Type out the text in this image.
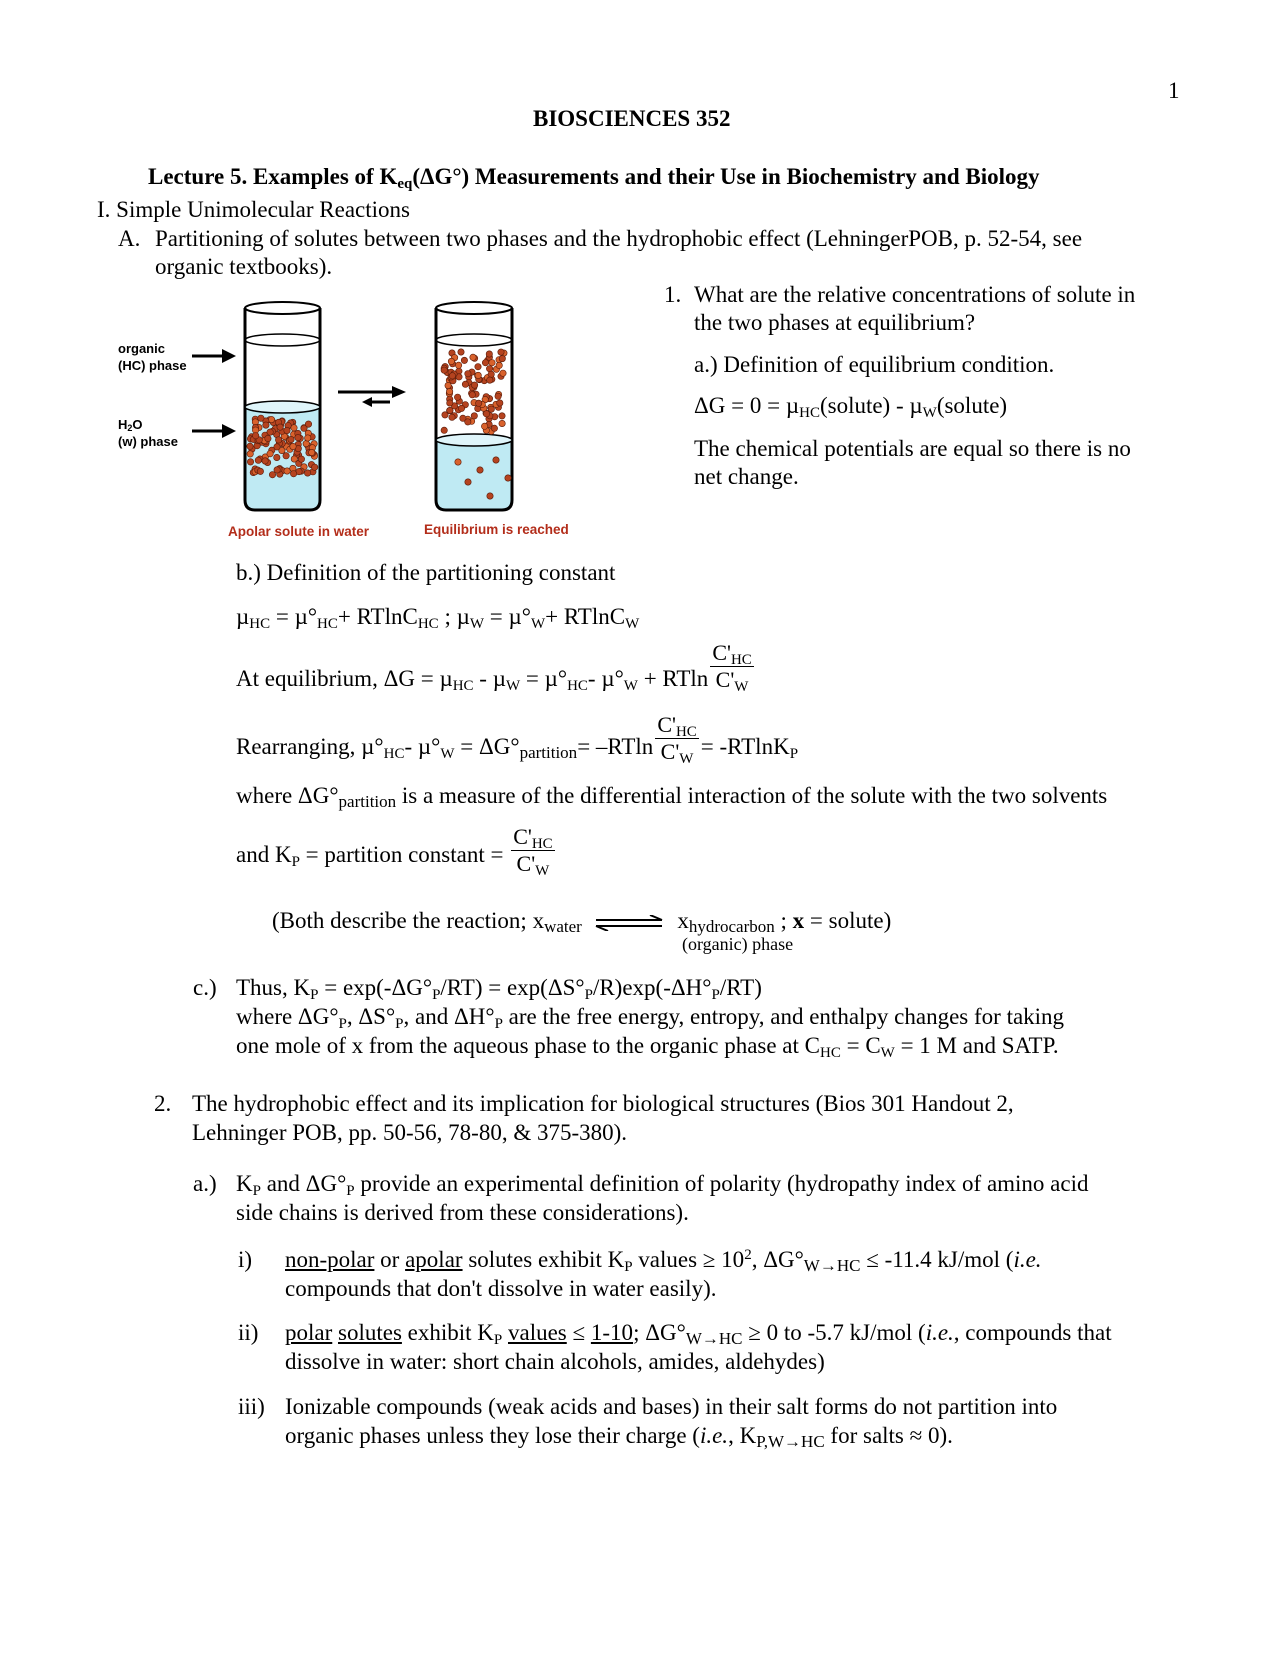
1
BIOSCIENCES 352
Lecture 5. Examples of $K_{eq}(\Delta G^\circ)$ Measurements and their Use in Biochemistry and Biology
I. Simple Unimolecular Reactions
A. Partitioning of solutes between two phases and the hydrophobic effect (LehningerPOB, p. 52-54, see
organic textbooks).
organic
(HC) phase
$H_2O$
(w) phase
Apolar solute in water	Equilibrium is reached
1. What are the relative concentrations of solute in
the two phases at equilibrium?
a.) Definition of equilibrium condition.
ΔG = 0 = µ$_{HC}$(solute) - µ$_W$(solute)
The chemical potentials are equal so there is no
net change.
b.) Definition of the partitioning constant
$\mu_{HC} = \mu^\circ_{HC}+ RTlnC_{HC}$ ; $\mu_W = \mu^\circ_W+ RTlnC_W$
At equilibrium, $\Delta G = \mu_{HC} - \mu_W = \mu^\circ_{HC}-$ $\mu^\circ_W + RTln \frac{C'_{HC}}{C'_W}$
Rearranging, $\mu^\circ_{HC}-$ $\mu^\circ_W = \Delta G^\circ_{partition}= -RTln \frac{C'_{HC}}{C'_W} = -RTlnK_P$
where $\Delta G^\circ_{partition}$ is a measure of the differential interaction of the solute with the two solvents
and $K_P$ = partition constant = $\frac{C'_{HC}}{C'_W}$
(Both describe the reaction; $x_{water}$	$x_{hydrocarbon}$ ; x = solute)
(organic) phase
c.) Thus, $K_P = \exp(-\Delta G^\circ_P/RT) = \exp(\Delta S^\circ_P/R)\exp(-\Delta H^\circ_P/RT)$
where $\Delta G^\circ_P$, $\Delta S^\circ_P$, and $\Delta H^\circ_P$ are the free energy, entropy, and enthalpy changes for taking
one mole of x from the aqueous phase to the organic phase at $C_{HC} = C_W = 1$ M and SATP.
2. The hydrophobic effect and its implication for biological structures (Bios 301 Handout 2,
Lehninger POB, pp. 50-56, 78-80, & 375-380).
a.) $K_P$ and $\Delta G^\circ_P$ provide an experimental definition of polarity (hydropathy index of amino acid
side chains is derived from these considerations).
i) non-polar or apolar solutes exhibit $K_P$ values ≥ $10^2$, $\Delta G^\circ_{W\to HC} \le -11.4$ kJ/mol (i.e.
compounds that don't dissolve in water easily).
ii) polar solutes exhibit $K_P$ values ≤ 1-10; $\Delta G^\circ_{W\to HC} \ge 0$ to -5.7 kJ/mol (i.e., compounds that
dissolve in water: short chain alcohols, amides, aldehydes)
iii) Ionizable compounds (weak acids and bases) in their salt forms do not partition into
organic phases unless they lose their charge (i.e., $K_{P,W\to HC}$ for salts ≈ 0).
